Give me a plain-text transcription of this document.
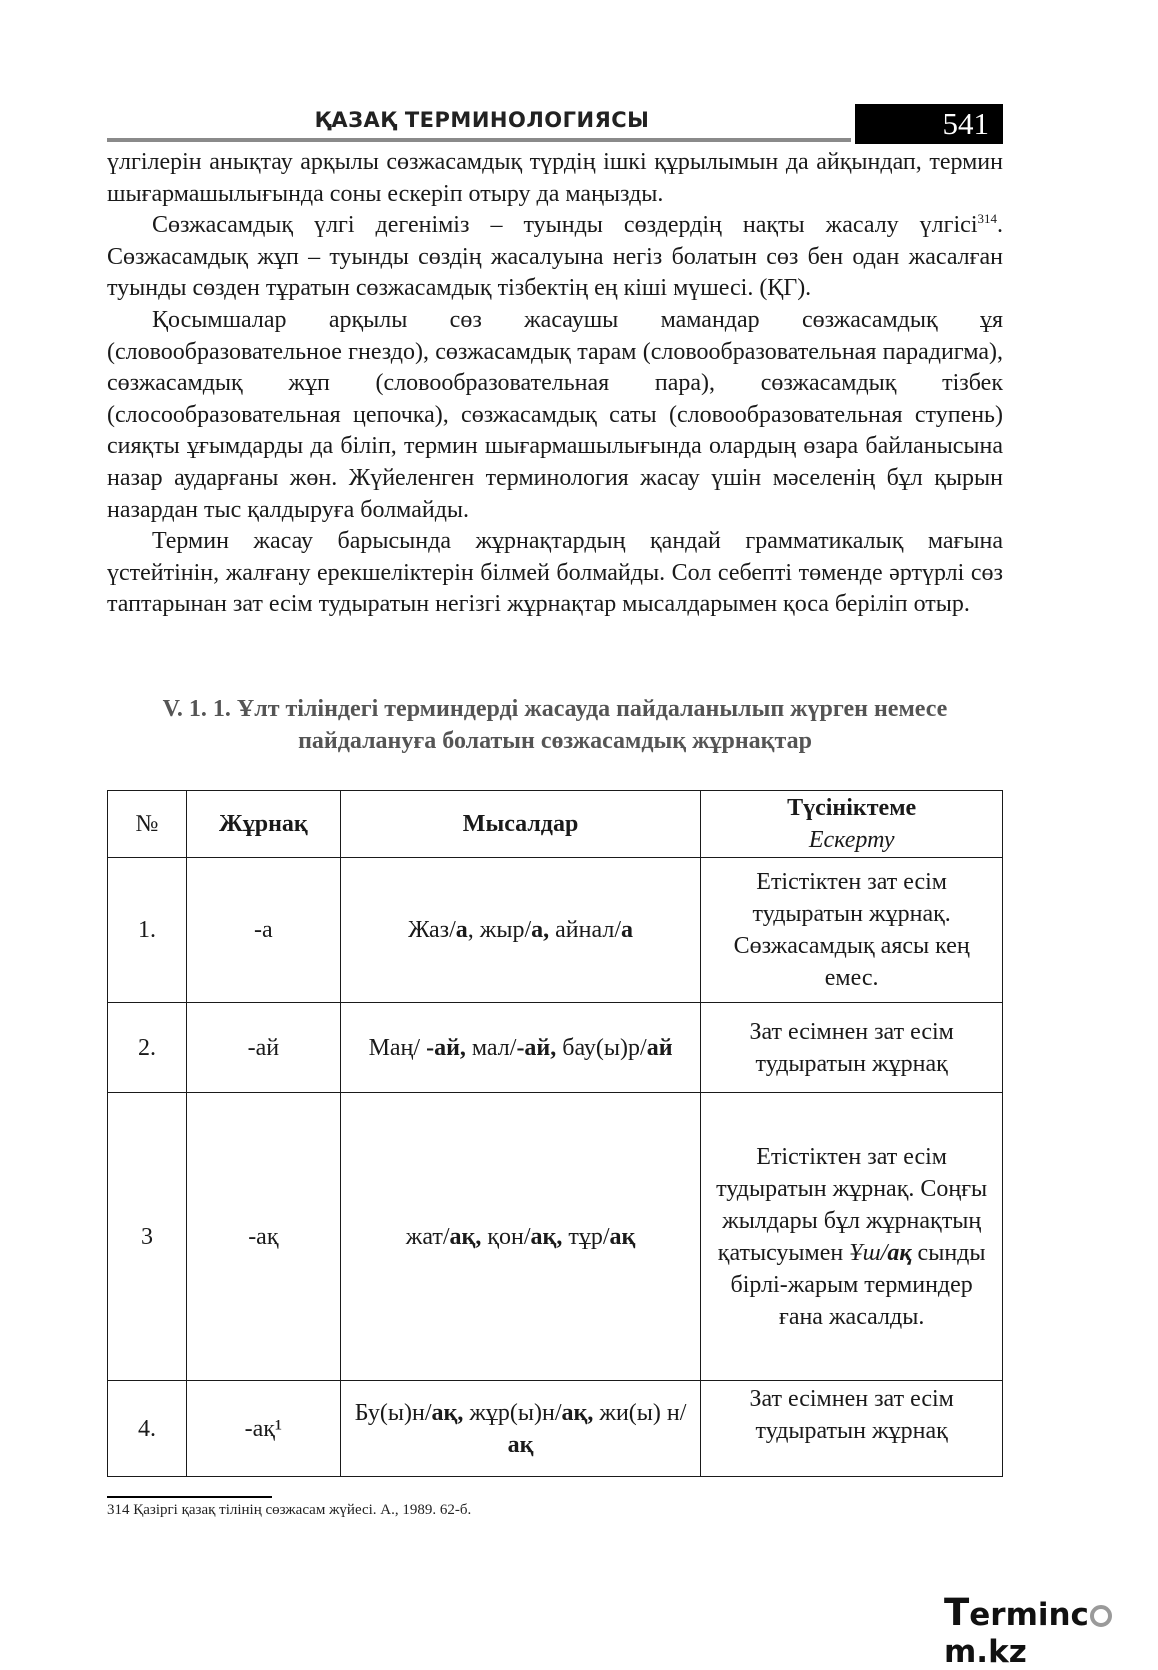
ҚАЗАҚ ТЕРМИНОЛОГИЯСЫ	541

үлгілерін анықтау арқылы сөзжасамдық түрдің ішкі құрылымын да айқындап, термин шығармашылығында соны ескеріп отыру да маңызды.

Сөзжасамдық үлгі дегеніміз – туынды сөздердің нақты жасалу үлгісі$^{314}$. Сөзжасамдық жұп – туынды сөздің жасалуына негіз болатын сөз бен одан жасалған туынды сөзден тұратын сөзжасамдық тізбектің ең кіші мүшесі. (ҚГ).

Қосымшалар арқылы сөз жасаушы мамандар сөзжасамдық ұя (словообразовательное гнездо), сөзжасамдық тарам (словообразовательная парадигма), сөзжасамдық жұп (словообразовательная пара), сөзжасамдық тізбек (слосообразовательная цепочка), сөзжасамдық саты (словообразовательная ступень) сияқты ұғымдарды да біліп, термин шығармашылығында олардың өзара байланысына назар аударғаны жөн. Жүйеленген терминология жасау үшін мәселенің бұл қырын назардан тыс қалдыруға болмайды.

Термин жасау барысында жұрнақтардың қандай грамматикалық мағына үстейтінін, жалғану ерекшеліктерін білмей болмайды. Сол себепті төменде әртүрлі сөз таптарынан зат есім тудыратын негізгі жұрнақтар мысалдарымен қоса беріліп отыр.

V. 1. 1. Ұлт тіліндегі терминдерді жасауда пайдаланылып жүрген немесе
пайдалануға болатын сөзжасамдық жұрнақтар
№	Жұрнақ	Мысалдар	Түсініктеме
Ескерту
1.	-а	Жаз/а, жыр/а, айнал/а	Етістіктен зат есім тудыратын жұрнақ. Сөзжасамдық аясы кең емес.
2.	-ай	Маң/ -ай, мал/-ай, бау(ы)р/ай	Зат есімнен зат есім тудыратын жұрнақ
3	-ақ	жат/ақ, қон/ақ, тұр/ақ	Етістіктен зат есім тудыратын жұрнақ. Соңғы жылдары бұл жұрнақтың қатысуымен Ұш/ақ сынды бірлі-жарым терминдер ғана жасалды.
4.	-ақ¹	Бу(ы)н/ақ, жұр(ы)н/ақ, жи(ы) н/ақ	Зат есімнен зат есім тудыратын жұрнақ
314 Қазіргі қазақ тілінің сөзжасам жүйесі. А., 1989. 62-б.
Termincm.kz
